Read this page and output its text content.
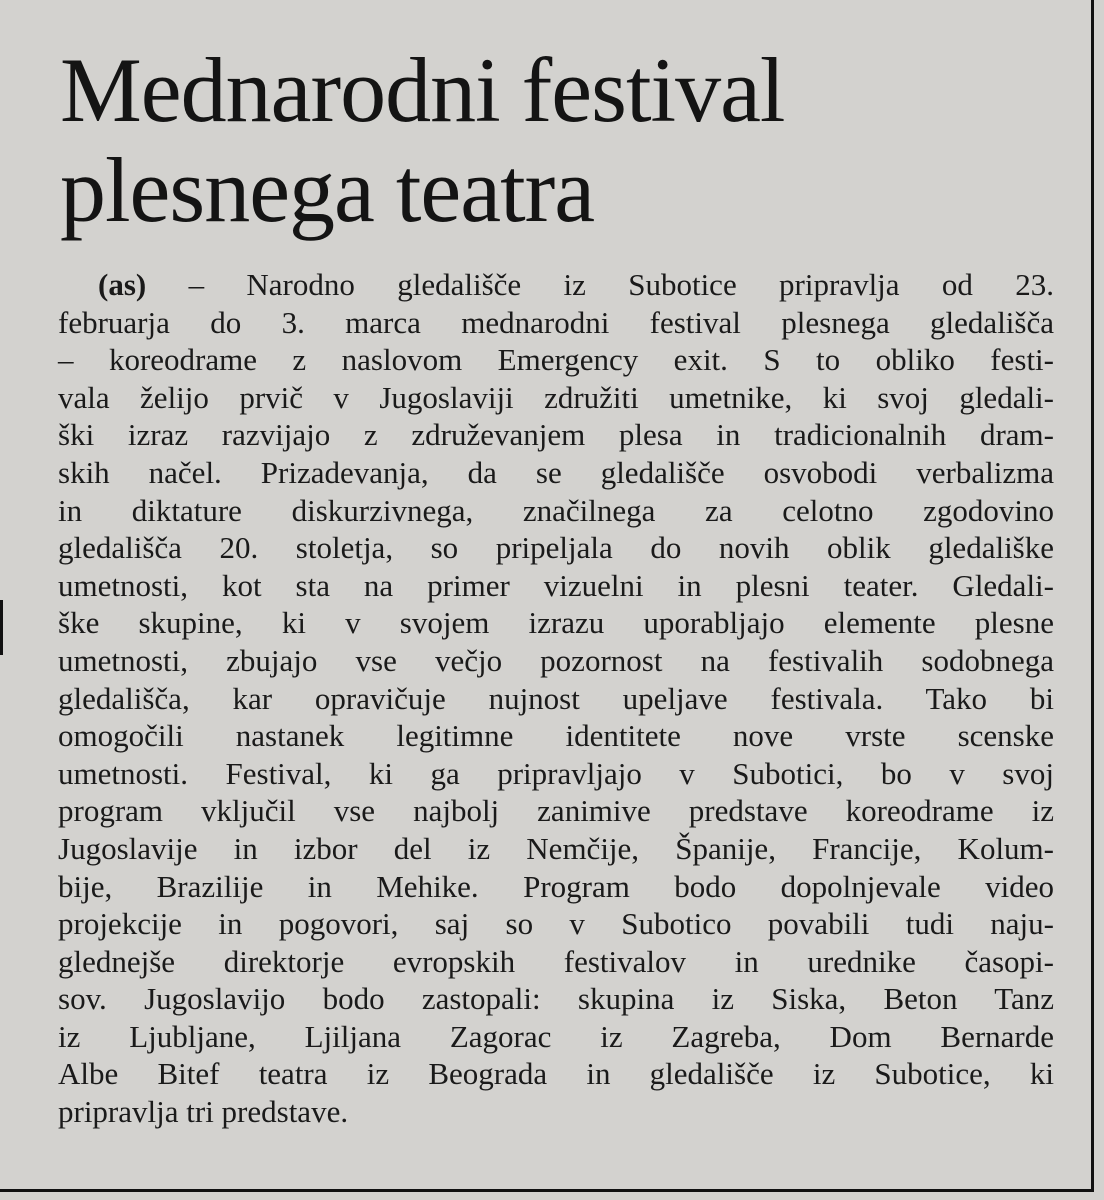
Mednarodni festival
plesnega teatra
(as) – Narodno gledališče iz Subotice pripravlja od 23.
februarja do 3. marca mednarodni festival plesnega gledališča
– koreodrame z naslovom Emergency exit. S to obliko festi-
vala želijo prvič v Jugoslaviji združiti umetnike, ki svoj gledali-
ški izraz razvijajo z združevanjem plesa in tradicionalnih dram-
skih načel. Prizadevanja, da se gledališče osvobodi verbalizma
in diktature diskurzivnega, značilnega za celotno zgodovino
gledališča 20. stoletja, so pripeljala do novih oblik gledališke
umetnosti, kot sta na primer vizuelni in plesni teater. Gledali-
ške skupine, ki v svojem izrazu uporabljajo elemente plesne
umetnosti, zbujajo vse večjo pozornost na festivalih sodobnega
gledališča, kar opravičuje nujnost upeljave festivala. Tako bi
omogočili nastanek legitimne identitete nove vrste scenske
umetnosti. Festival, ki ga pripravljajo v Subotici, bo v svoj
program vključil vse najbolj zanimive predstave koreodrame iz
Jugoslavije in izbor del iz Nemčije, Španije, Francije, Kolum-
bije, Brazilije in Mehike. Program bodo dopolnjevale video
projekcije in pogovori, saj so v Subotico povabili tudi naju-
glednejše direktorje evropskih festivalov in urednike časopi-
sov. Jugoslavijo bodo zastopali: skupina iz Siska, Beton Tanz
iz Ljubljane, Ljiljana Zagorac iz Zagreba, Dom Bernarde
Albe Bitef teatra iz Beograda in gledališče iz Subotice, ki
pripravlja tri predstave.
